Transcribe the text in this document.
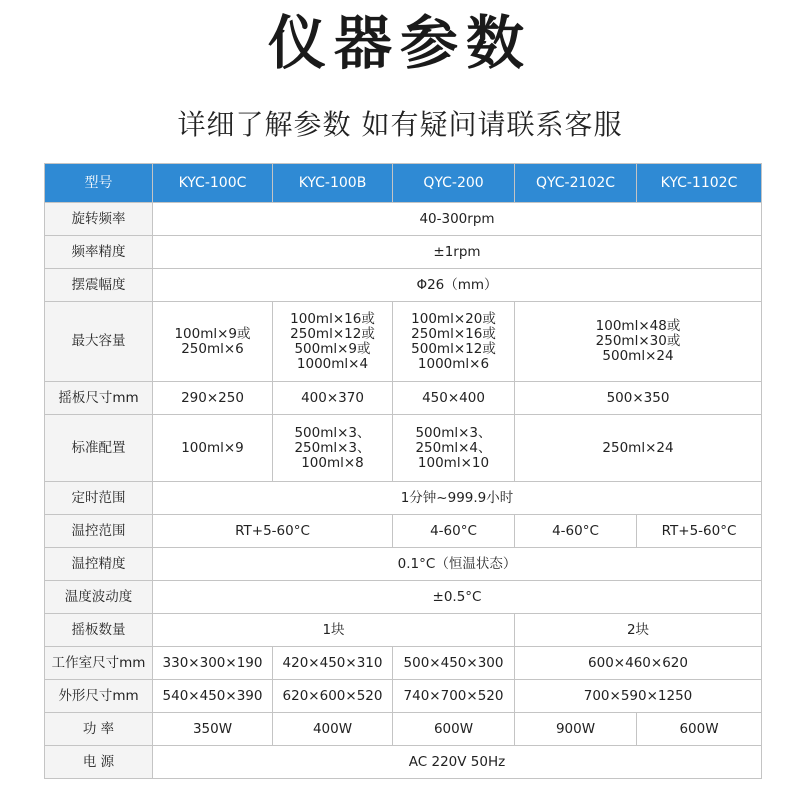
仪器参数
详细了解参数 如有疑问请联系客服
型号	KYC-100C	KYC-100B	QYC-200	QYC-2102C	KYC-1102C
旋转频率	40-300rpm				
频率精度	±1rpm				
摆震幅度	Φ26（mm）				
最大容量	100ml×9或
250ml×6	100ml×16或
250ml×12或
500ml×9或
1000ml×4	100ml×20或
250ml×16或
500ml×12或
1000ml×6	100ml×48或
250ml×30或
500ml×24	
摇板尺寸mm	290×250	400×370	450×400	500×350	
标准配置	100ml×9	500ml×3、
250ml×3、
100ml×8	500ml×3、
250ml×4、
100ml×10	250ml×24	
定时范围	1分钟~999.9小时				
温控范围	RT+5-60°C		4-60°C	4-60°C	RT+5-60°C
温控精度	0.1°C（恒温状态）				
温度波动度	±0.5°C				
摇板数量	1块			2块	
工作室尺寸mm	330×300×190	420×450×310	500×450×300	600×460×620	
外形尺寸mm	540×450×390	620×600×520	740×700×520	700×590×1250	
功 率	350W	400W	600W	900W	600W
电 源	AC 220V 50Hz				
